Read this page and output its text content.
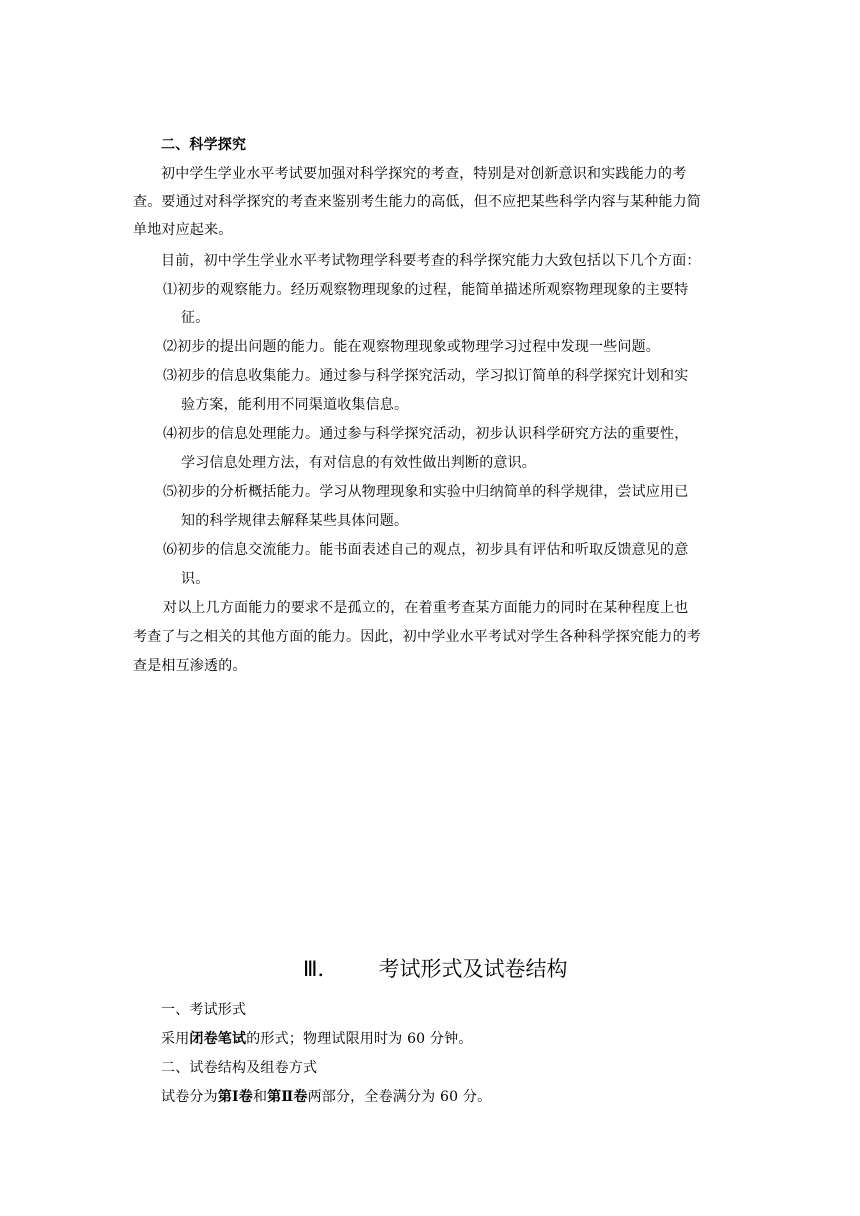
二、科学探究
初中学生学业水平考试要加强对科学探究的考查，特别是对创新意识和实践能力的考
查。要通过对科学探究的考查来鉴别考生能力的高低，但不应把某些科学内容与某种能力简
单地对应起来。
目前，初中学生学业水平考试物理学科要考查的科学探究能力大致包括以下几个方面：
⑴初步的观察能力。经历观察物理现象的过程，能简单描述所观察物理现象的主要特
征。
⑵初步的提出问题的能力。能在观察物理现象或物理学习过程中发现一些问题。
⑶初步的信息收集能力。通过参与科学探究活动，学习拟订简单的科学探究计划和实
验方案，能利用不同渠道收集信息。
⑷初步的信息处理能力。通过参与科学探究活动，初步认识科学研究方法的重要性，
学习信息处理方法，有对信息的有效性做出判断的意识。
⑸初步的分析概括能力。学习从物理现象和实验中归纳简单的科学规律，尝试应用已
知的科学规律去解释某些具体问题。
⑹初步的信息交流能力。能书面表述自己的观点，初步具有评估和听取反馈意见的意
识。
对以上几方面能力的要求不是孤立的，在着重考查某方面能力的同时在某种程度上也
考查了与之相关的其他方面的能力。因此，初中学业水平考试对学生各种科学探究能力的考
查是相互渗透的。
Ⅲ． 考试形式及试卷结构
一、考试形式
采用闭卷笔试的形式；物理试限用时为 60 分钟。
二、试卷结构及组卷方式
试卷分为第Ⅰ卷和第Ⅱ卷两部分，全卷满分为 60 分。
